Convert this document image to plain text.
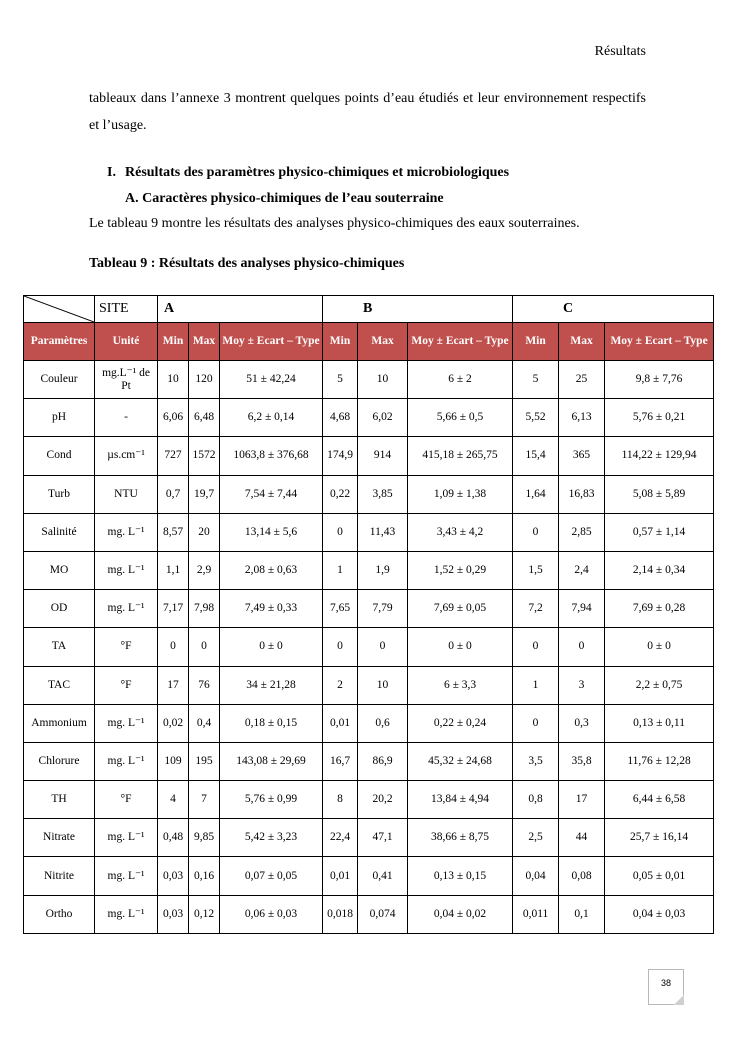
Résultats

tableaux dans l’annexe 3 montrent quelques points d’eau étudiés et leur environnement respectifs et l’usage.

I. Résultats des paramètres physico-chimiques et microbiologiques
A. Caractères physico-chimiques de l’eau souterraine
Le tableau 9 montre les résultats des analyses physico-chimiques des eaux souterraines.
Tableau 9 : Résultats des analyses physico-chimiques
	SITE	A			B			C		
Paramètres	Unité	Min	Max	Moy ± Ecart – Type	Min	Max	Moy ± Ecart – Type	Min	Max	Moy ± Ecart – Type
Couleur	mg.L⁻¹ de Pt	10	120	51 ± 42,24	5	10	6 ± 2	5	25	9,8 ± 7,76
pH	-	6,06	6,48	6,2 ± 0,14	4,68	6,02	5,66 ± 0,5	5,52	6,13	5,76 ± 0,21
Cond	µs.cm⁻¹	727	1572	1063,8 ± 376,68	174,9	914	415,18 ± 265,75	15,4	365	114,22 ± 129,94
Turb	NTU	0,7	19,7	7,54 ± 7,44	0,22	3,85	1,09 ± 1,38	1,64	16,83	5,08 ± 5,89
Salinité	mg. L⁻¹	8,57	20	13,14 ± 5,6	0	11,43	3,43 ± 4,2	0	2,85	0,57 ± 1,14
MO	mg. L⁻¹	1,1	2,9	2,08 ± 0,63	1	1,9	1,52 ± 0,29	1,5	2,4	2,14 ± 0,34
OD	mg. L⁻¹	7,17	7,98	7,49 ± 0,33	7,65	7,79	7,69 ± 0,05	7,2	7,94	7,69 ± 0,28
TA	°F	0	0	0 ± 0	0	0	0 ± 0	0	0	0 ± 0
TAC	°F	17	76	34 ± 21,28	2	10	6 ± 3,3	1	3	2,2 ± 0,75
Ammonium	mg. L⁻¹	0,02	0,4	0,18 ± 0,15	0,01	0,6	0,22 ± 0,24	0	0,3	0,13 ± 0,11
Chlorure	mg. L⁻¹	109	195	143,08 ± 29,69	16,7	86,9	45,32 ± 24,68	3,5	35,8	11,76 ± 12,28
TH	°F	4	7	5,76 ± 0,99	8	20,2	13,84 ± 4,94	0,8	17	6,44 ± 6,58
Nitrate	mg. L⁻¹	0,48	9,85	5,42 ± 3,23	22,4	47,1	38,66 ± 8,75	2,5	44	25,7 ± 16,14
Nitrite	mg. L⁻¹	0,03	0,16	0,07 ± 0,05	0,01	0,41	0,13 ± 0,15	0,04	0,08	0,05 ± 0,01
Ortho	mg. L⁻¹	0,03	0,12	0,06 ± 0,03	0,018	0,074	0,04 ± 0,02	0,011	0,1	0,04 ± 0,03
38
